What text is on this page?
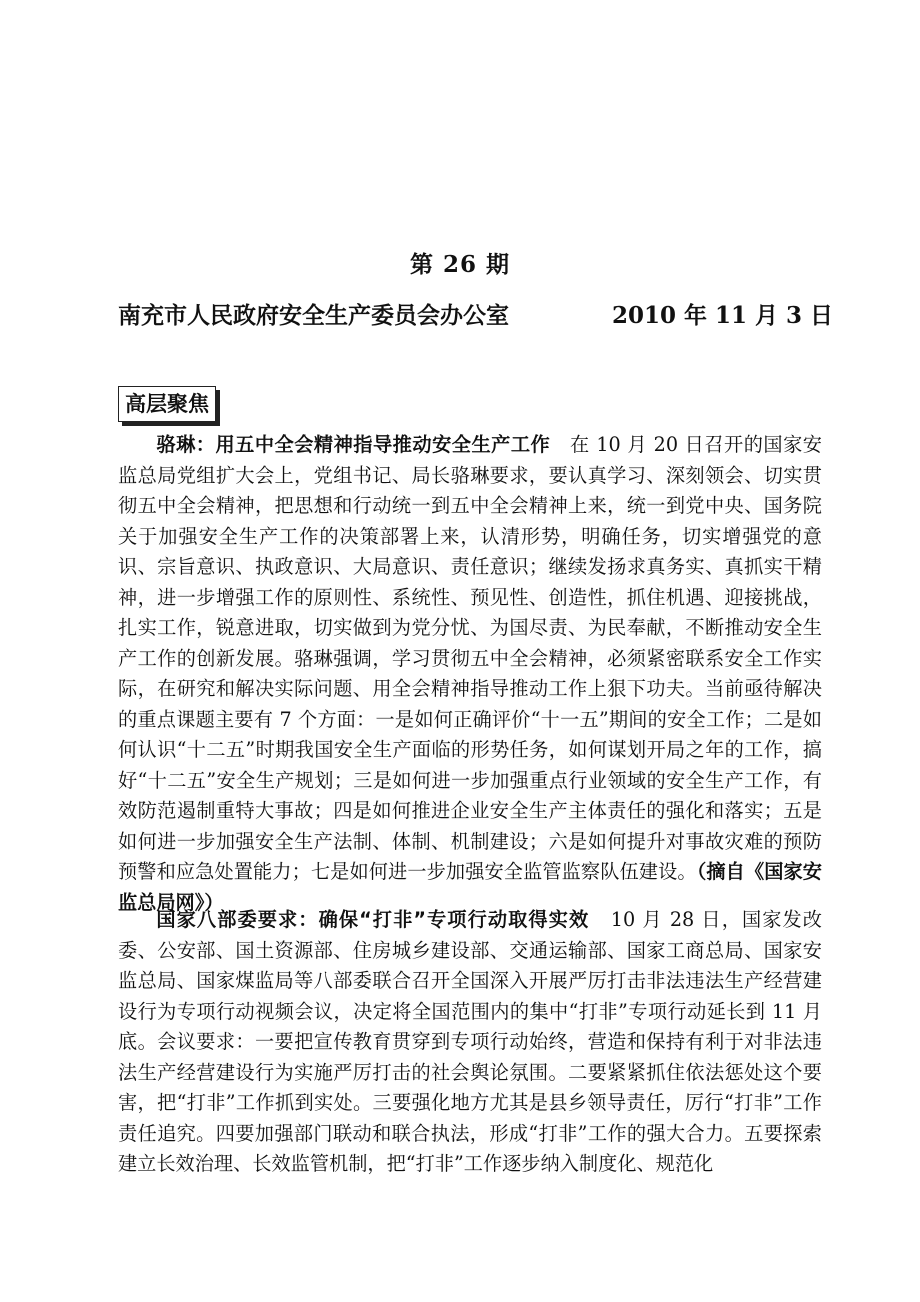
第 26 期
南充市人民政府安全生产委员会办公室	2010 年 11 月 3 日
高层聚焦

骆琳：用五中全会精神指导推动安全生产工作 在 10 月 20 日召开的国家安监总局党组扩大会上，党组书记、局长骆琳要求，要认真学习、深刻领会、切实贯彻五中全会精神，把思想和行动统一到五中全会精神上来，统一到党中央、国务院关于加强安全生产工作的决策部署上来，认清形势，明确任务，切实增强党的意识、宗旨意识、执政意识、大局意识、责任意识；继续发扬求真务实、真抓实干精神，进一步增强工作的原则性、系统性、预见性、创造性，抓住机遇、迎接挑战，扎实工作，锐意进取，切实做到为党分忧、为国尽责、为民奉献，不断推动安全生产工作的创新发展。骆琳强调，学习贯彻五中全会精神，必须紧密联系安全工作实际，在研究和解决实际问题、用全会精神指导推动工作上狠下功夫。当前亟待解决的重点课题主要有 7 个方面：一是如何正确评价“十一五”期间的安全工作；二是如何认识“十二五”时期我国安全生产面临的形势任务，如何谋划开局之年的工作，搞好“十二五”安全生产规划；三是如何进一步加强重点行业领域的安全生产工作，有效防范遏制重特大事故；四是如何推进企业安全生产主体责任的强化和落实；五是如何进一步加强安全生产法制、体制、机制建设；六是如何提升对事故灾难的预防预警和应急处置能力；七是如何进一步加强安全监管监察队伍建设。（摘自《国家安监总局网》）

国家八部委要求：确保“打非”专项行动取得实效 10 月 28 日，国家发改委、公安部、国土资源部、住房城乡建设部、交通运输部、国家工商总局、国家安监总局、国家煤监局等八部委联合召开全国深入开展严厉打击非法违法生产经营建设行为专项行动视频会议，决定将全国范围内的集中“打非”专项行动延长到 11 月底。会议要求：一要把宣传教育贯穿到专项行动始终，营造和保持有利于对非法违法生产经营建设行为实施严厉打击的社会舆论氛围。二要紧紧抓住依法惩处这个要害，把“打非”工作抓到实处。三要强化地方尤其是县乡领导责任，厉行“打非”工作责任追究。四要加强部门联动和联合执法，形成“打非”工作的强大合力。五要探索建立长效治理、长效监管机制，把“打非”工作逐步纳入制度化、规范化
